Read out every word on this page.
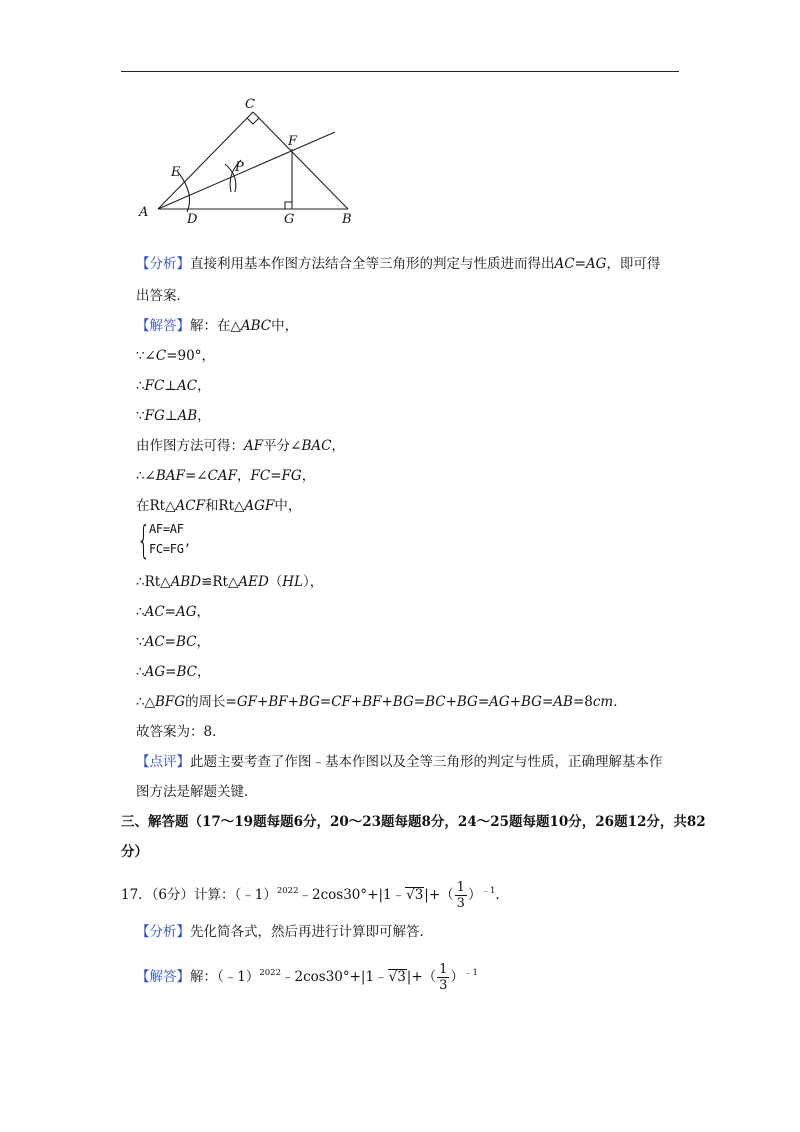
A	B
C
D
E
F
G
P
【分析】直接利用基本作图方法结合全等三角形的判定与性质进而得出AC=AG，即可得
出答案．
【解答】解：在△ABC中，
∵∠C=90°，
∴FC⊥AC，
∵FG⊥AB，
由作图方法可得：AF平分∠BAC，
∴∠BAF=∠CAF，FC=FG，
在Rt△ACF和Rt△AGF中，
{
AF=AF
FC=FG’
∴Rt△ABD≌Rt△AED（HL），
∴AC=AG，
∵AC=BC，
∴AG=BC，
∴△BFG的周长=GF+BF+BG=CF+BF+BG=BC+BG=AG+BG=AB=8cm．
故答案为：8．
【点评】此题主要考查了作图﹣基本作图以及全等三角形的判定与性质，正确理解基本作
图方法是解题关键．
三、解答题（17～19题每题6分，20～23题每题8分，24～25题每题10分，26题12分，共82
分）
17．（6分）计算：（﹣1）$^{2022}$﹣2cos30°+|1﹣√3|+（ $\frac{1}{3} )^{﹣1}$．
【分析】先化简各式，然后再进行计算即可解答．
【解答】解：（﹣1）$^{2022}$﹣2cos30°+|1﹣√3|+（ $\frac{1}{3} )^{﹣1}$
